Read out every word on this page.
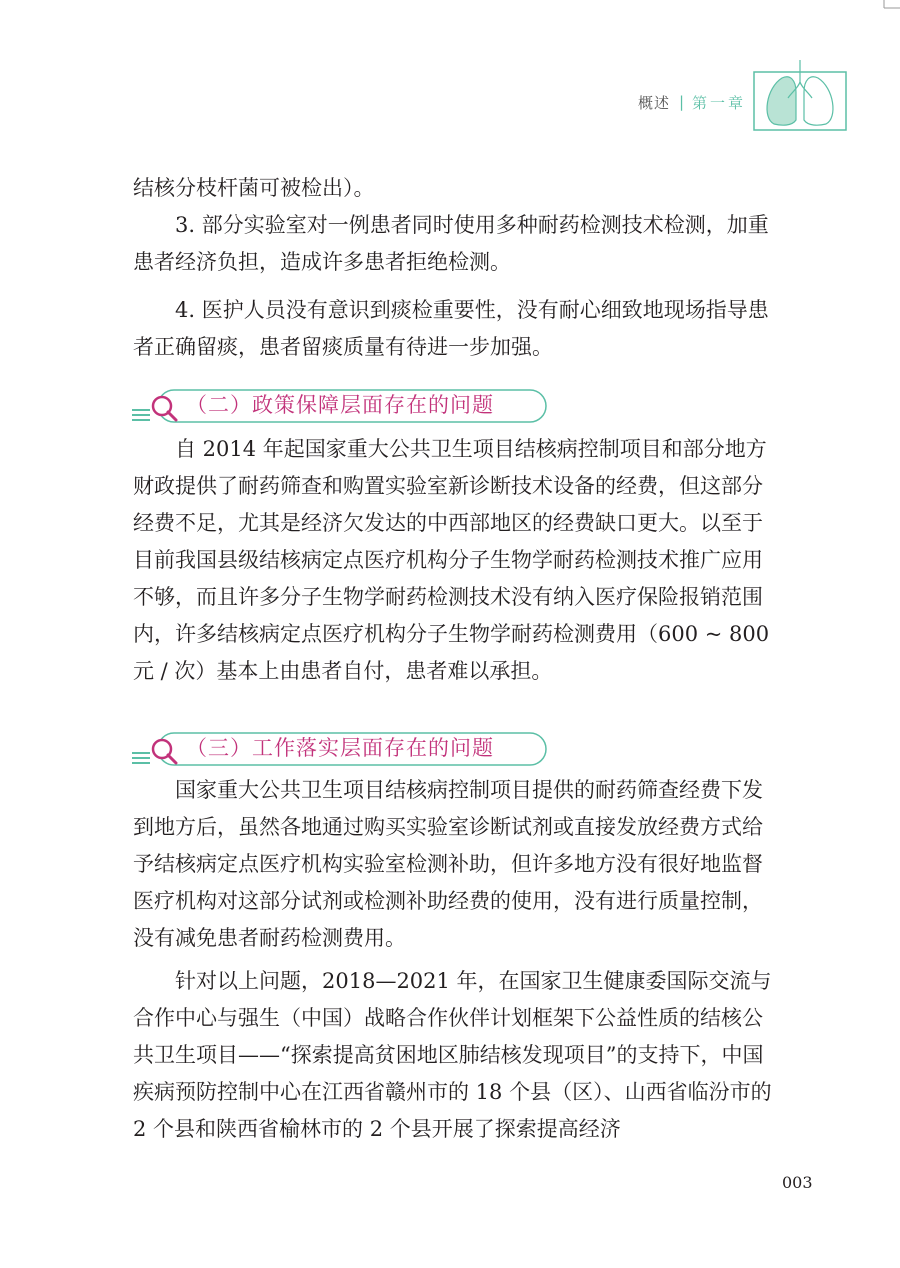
概述 | 第一章

结核分枝杆菌可被检出）。

3. 部分实验室对一例患者同时使用多种耐药检测技术检测，加重患者经济负担，造成许多患者拒绝检测。

4. 医护人员没有意识到痰检重要性，没有耐心细致地现场指导患者正确留痰，患者留痰质量有待进一步加强。

（二）政策保障层面存在的问题

自 2014 年起国家重大公共卫生项目结核病控制项目和部分地方财政提供了耐药筛查和购置实验室新诊断技术设备的经费，但这部分经费不足，尤其是经济欠发达的中西部地区的经费缺口更大。以至于目前我国县级结核病定点医疗机构分子生物学耐药检测技术推广应用不够，而且许多分子生物学耐药检测技术没有纳入医疗保险报销范围内，许多结核病定点医疗机构分子生物学耐药检测费用（600 ~ 800 元 / 次）基本上由患者自付，患者难以承担。

（三）工作落实层面存在的问题

国家重大公共卫生项目结核病控制项目提供的耐药筛查经费下发到地方后，虽然各地通过购买实验室诊断试剂或直接发放经费方式给予结核病定点医疗机构实验室检测补助，但许多地方没有很好地监督医疗机构对这部分试剂或检测补助经费的使用，没有进行质量控制，没有减免患者耐药检测费用。

针对以上问题，2018—2021 年，在国家卫生健康委国际交流与合作中心与强生（中国）战略合作伙伴计划框架下公益性质的结核公共卫生项目——“探索提高贫困地区肺结核发现项目”的支持下，中国疾病预防控制中心在江西省赣州市的 18 个县（区）、山西省临汾市的 2 个县和陕西省榆林市的 2 个县开展了探索提高经济

003
